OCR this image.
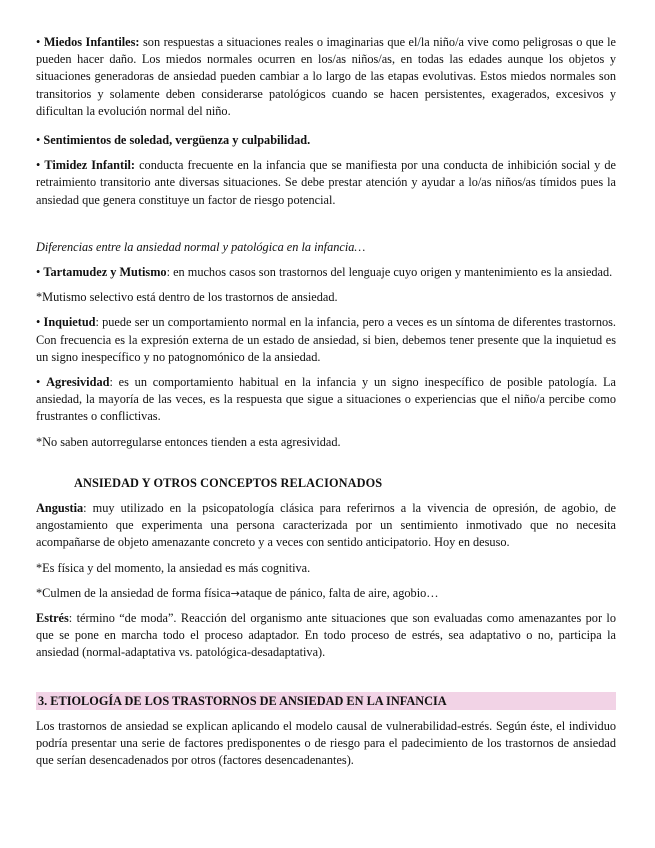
• Miedos Infantiles: son respuestas a situaciones reales o imaginarias que el/la niño/a vive como peligrosas o que le pueden hacer daño. Los miedos normales ocurren en los/as niños/as, en todas las edades aunque los objetos y situaciones generadoras de ansiedad pueden cambiar a lo largo de las etapas evolutivas. Estos miedos normales son transitorios y solamente deben considerarse patológicos cuando se hacen persistentes, exagerados, excesivos y dificultan la evolución normal del niño.

• Sentimientos de soledad, vergüenza y culpabilidad.

• Timidez Infantil: conducta frecuente en la infancia que se manifiesta por una conducta de inhibición social y de retraimiento transitorio ante diversas situaciones. Se debe prestar atención y ayudar a lo/as niños/as tímidos pues la ansiedad que genera constituye un factor de riesgo potencial.

Diferencias entre la ansiedad normal y patológica en la infancia…

• Tartamudez y Mutismo: en muchos casos son trastornos del lenguaje cuyo origen y mantenimiento es la ansiedad.

*Mutismo selectivo está dentro de los trastornos de ansiedad.

• Inquietud: puede ser un comportamiento normal en la infancia, pero a veces es un síntoma de diferentes trastornos. Con frecuencia es la expresión externa de un estado de ansiedad, si bien, debemos tener presente que la inquietud es un signo inespecífico y no patognomónico de la ansiedad.

• Agresividad: es un comportamiento habitual en la infancia y un signo inespecífico de posible patología. La ansiedad, la mayoría de las veces, es la respuesta que sigue a situaciones o experiencias que el niño/a percibe como frustrantes o conflictivas.

*No saben autorregularse entonces tienden a esta agresividad.

ANSIEDAD Y OTROS CONCEPTOS RELACIONADOS

Angustia: muy utilizado en la psicopatología clásica para referirnos a la vivencia de opresión, de agobio, de angostamiento que experimenta una persona caracterizada por un sentimiento inmotivado que no necesita acompañarse de objeto amenazante concreto y a veces con sentido anticipatorio. Hoy en desuso.

*Es física y del momento, la ansiedad es más cognitiva.

*Culmen de la ansiedad de forma física→ataque de pánico, falta de aire, agobio…

Estrés: término “de moda”. Reacción del organismo ante situaciones que son evaluadas como amenazantes por lo que se pone en marcha todo el proceso adaptador. En todo proceso de estrés, sea adaptativo o no, participa la ansiedad (normal-adaptativa vs. patológica-desadaptativa).

3. ETIOLOGÍA DE LOS TRASTORNOS DE ANSIEDAD EN LA INFANCIA

Los trastornos de ansiedad se explican aplicando el modelo causal de vulnerabilidad-estrés. Según éste, el individuo podría presentar una serie de factores predisponentes o de riesgo para el padecimiento de los trastornos de ansiedad que serían desencadenados por otros (factores desencadenantes).
